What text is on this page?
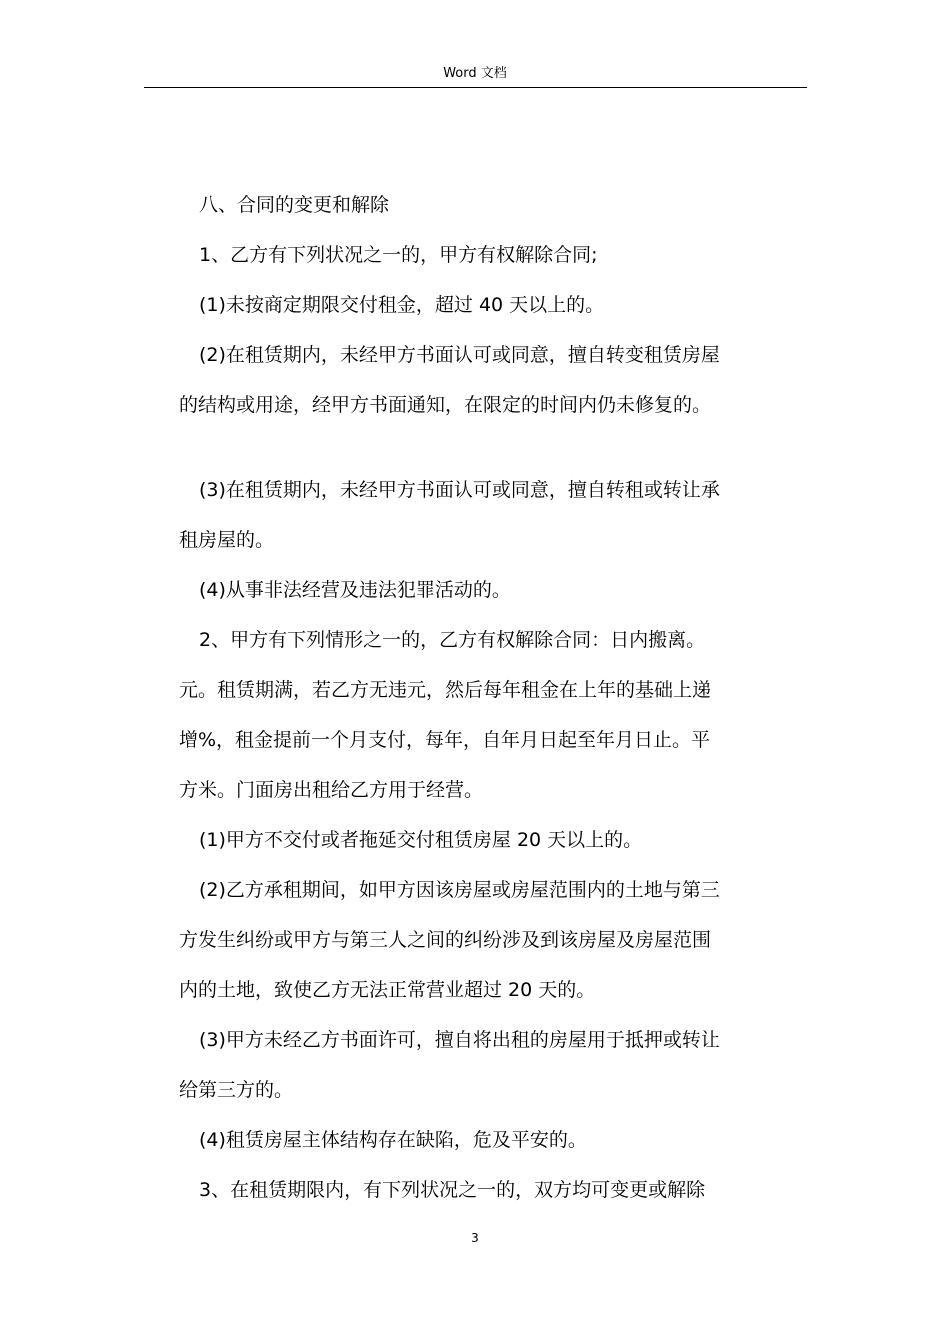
Word 文档

八、合同的变更和解除

1、乙方有下列状况之一的，甲方有权解除合同;

(1)未按商定期限交付租金，超过 40 天以上的。

(2)在租赁期内，未经甲方书面认可或同意，擅自转变租赁房屋

的结构或用途，经甲方书面通知，在限定的时间内仍未修复的。

(3)在租赁期内，未经甲方书面认可或同意，擅自转租或转让承

租房屋的。

(4)从事非法经营及违法犯罪活动的。

2、甲方有下列情形之一的，乙方有权解除合同：日内搬离。

元。租赁期满，若乙方无违元，然后每年租金在上年的基础上递

增%，租金提前一个月支付，每年，自年月日起至年月日止。平

方米。门面房出租给乙方用于经营。

(1)甲方不交付或者拖延交付租赁房屋 20 天以上的。

(2)乙方承租期间，如甲方因该房屋或房屋范围内的土地与第三

方发生纠纷或甲方与第三人之间的纠纷涉及到该房屋及房屋范围

内的土地，致使乙方无法正常营业超过 20 天的。

(3)甲方未经乙方书面许可，擅自将出租的房屋用于抵押或转让

给第三方的。

(4)租赁房屋主体结构存在缺陷，危及平安的。

3、在租赁期限内，有下列状况之一的，双方均可变更或解除

3
